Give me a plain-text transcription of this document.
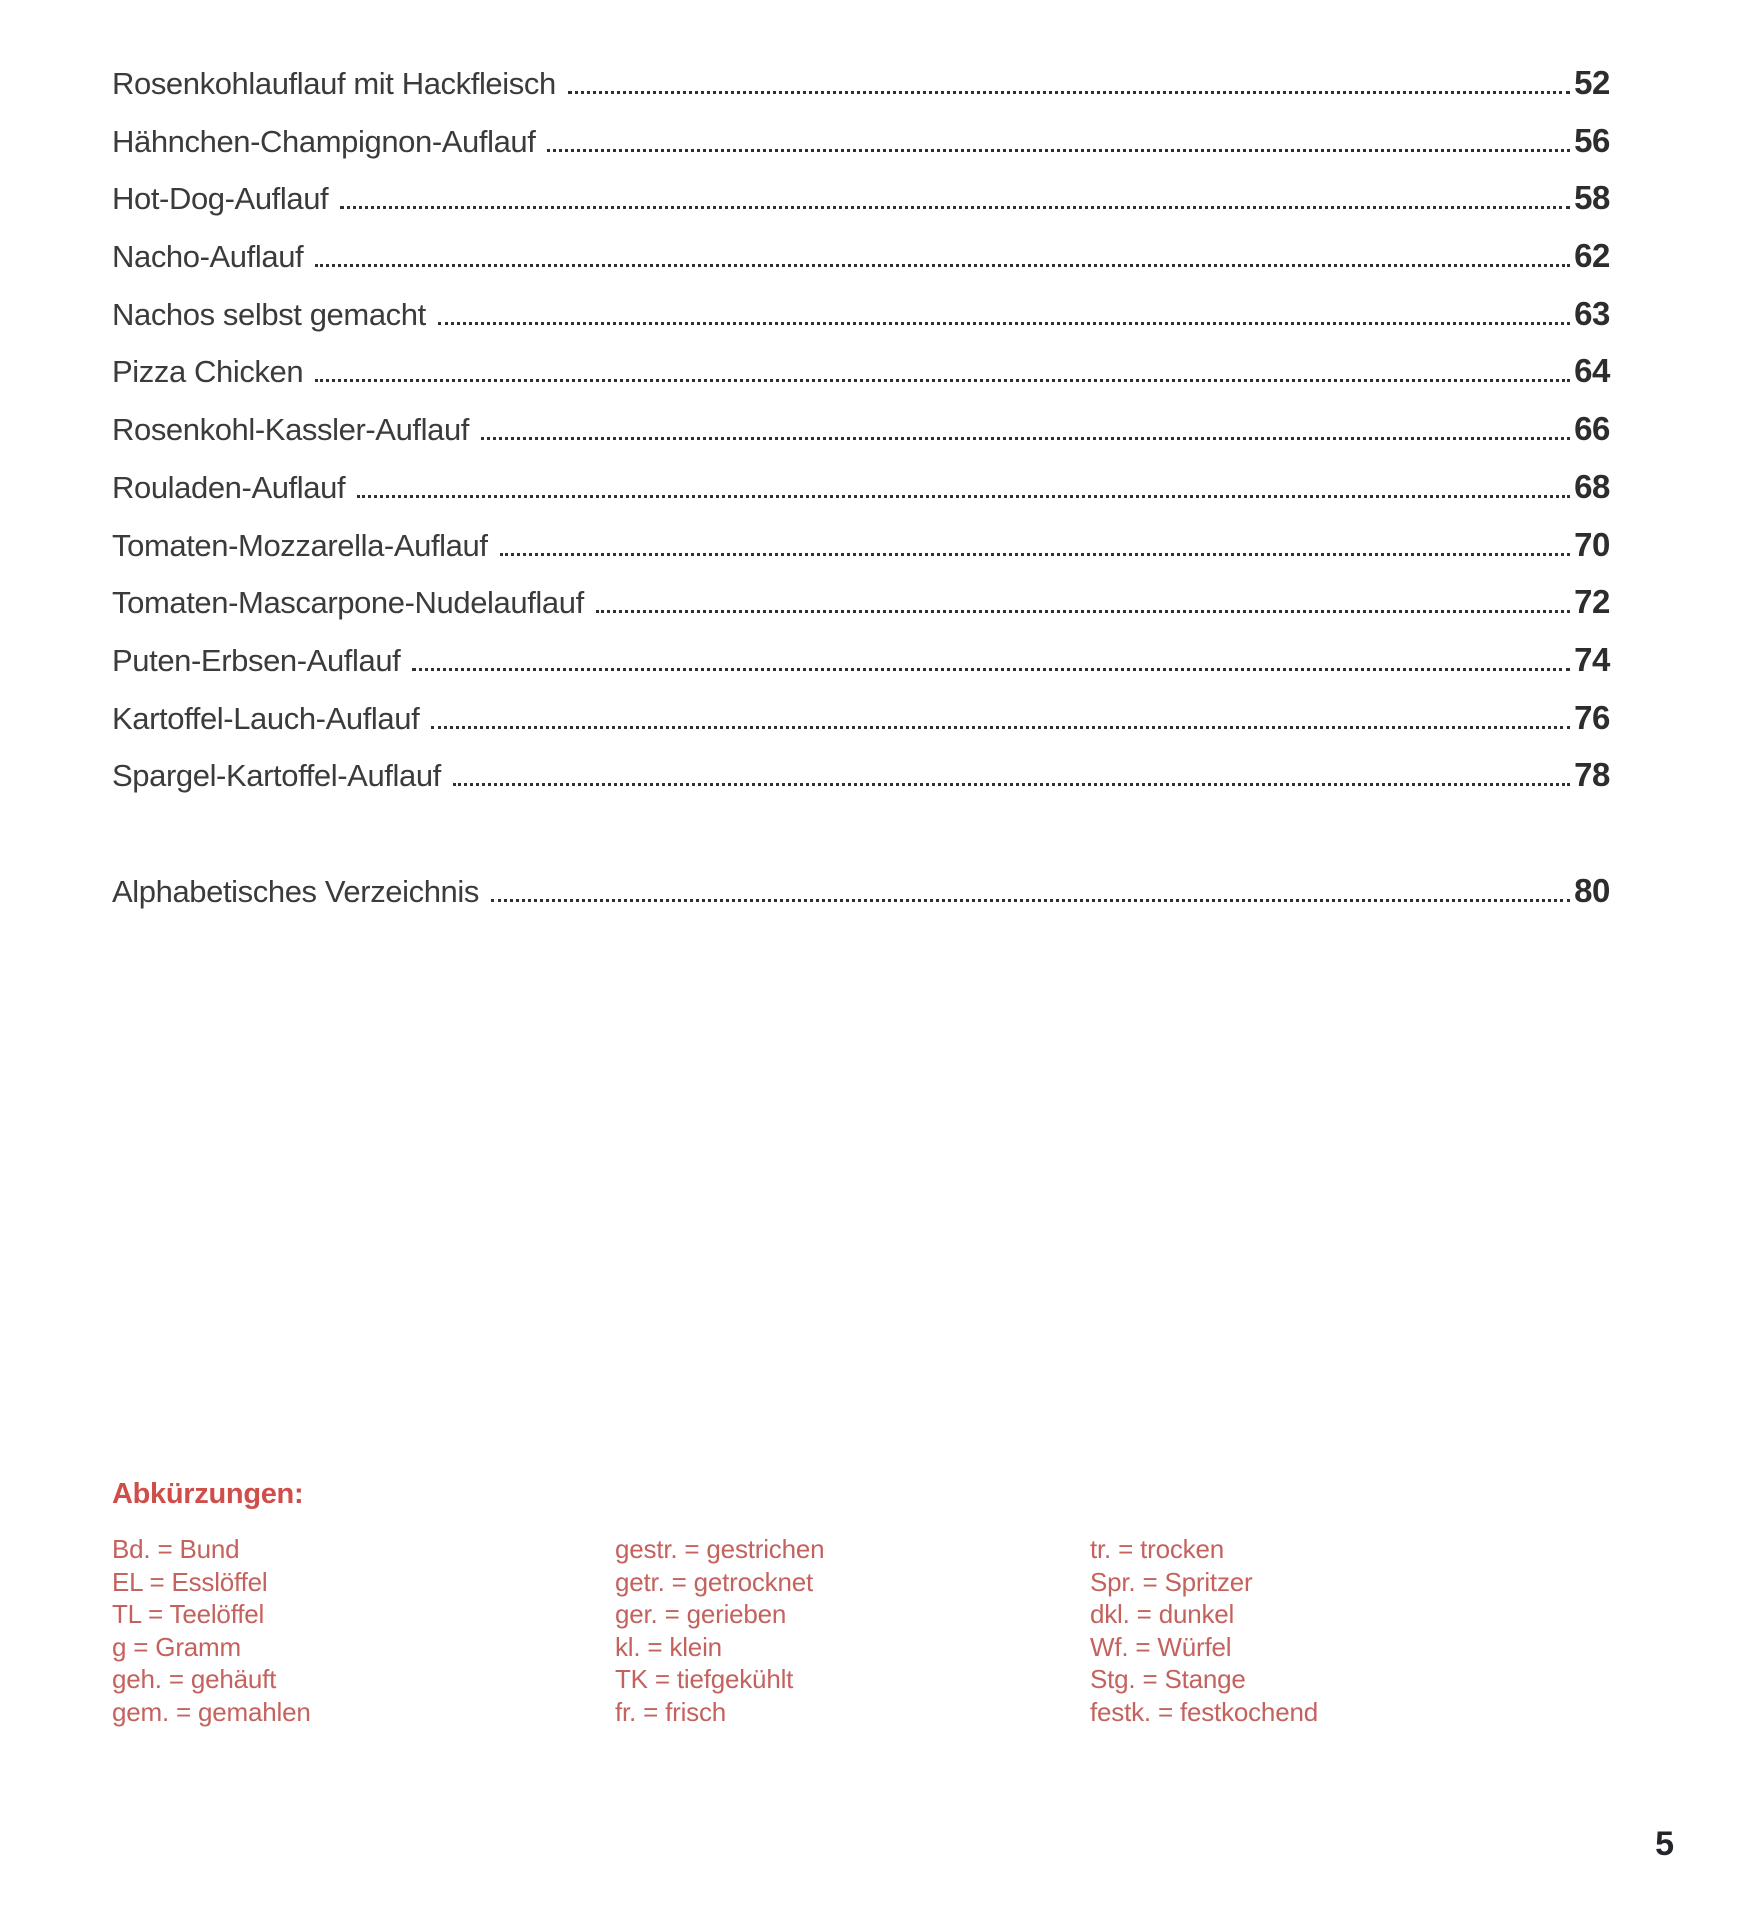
Rosenkohlauflauf mit Hackfleisch	52
Hähnchen-Champignon-Auflauf	56
Hot-Dog-Auflauf	58
Nacho-Auflauf	62
Nachos selbst gemacht	63
Pizza Chicken	64
Rosenkohl-Kassler-Auflauf	66
Rouladen-Auflauf	68
Tomaten-Mozzarella-Auflauf	70
Tomaten-Mascarpone-Nudelauflauf	72
Puten-Erbsen-Auflauf	74
Kartoffel-Lauch-Auflauf	76
Spargel-Kartoffel-Auflauf	78
Alphabetisches Verzeichnis	80

Abkürzungen:

Bd. = Bund
EL = Esslöffel
TL = Teelöffel
g = Gramm
geh. = gehäuft
gem. = gemahlen
gestr. = gestrichen
getr. = getrocknet
ger. = gerieben
kl. = klein
TK = tiefgekühlt
fr. = frisch
tr. = trocken
Spr. = Spritzer
dkl. = dunkel
Wf. = Würfel
Stg. = Stange
festk. = festkochend
5
